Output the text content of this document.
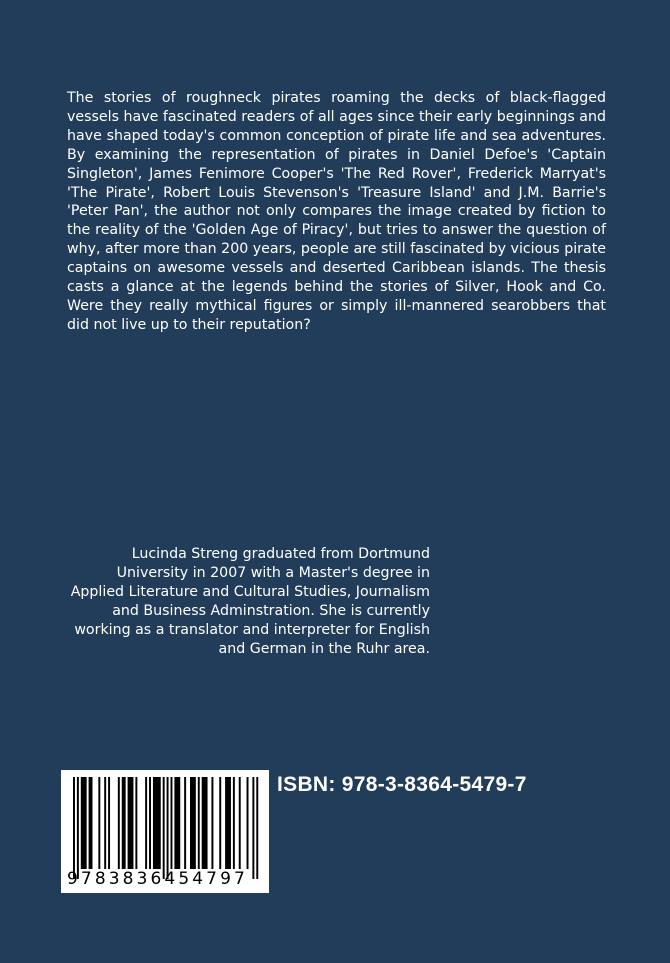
The stories of roughneck pirates roaming the decks of black-flagged vessels have fascinated readers of all ages since their early beginnings and have shaped today's common conception of pirate life and sea adventures. By examining the representation of pirates in Daniel Defoe's 'Captain Singleton', James Fenimore Cooper's 'The Red Rover', Frederick Marryat's 'The Pirate', Robert Louis Stevenson's 'Treasure Island' and J.M. Barrie's 'Peter Pan', the author not only compares the image created by fiction to the reality of the 'Golden Age of Piracy', but tries to answer the question of why, after more than 200 years, people are still fascinated by vicious pirate captains on awesome vessels and deserted Caribbean islands. The thesis casts a glance at the legends behind the stories of Silver, Hook and Co. Were they really mythical figures or simply ill-mannered searobbers that did not live up to their reputation?

Lucinda Streng graduated from Dortmund University in 2007 with a Master's degree in Applied Literature and Cultural Studies, Journalism and Business Adminstration. She is currently working as a translator and interpreter for English and German in the Ruhr area.

9783836454797
ISBN: 978-3-8364-5479-7
